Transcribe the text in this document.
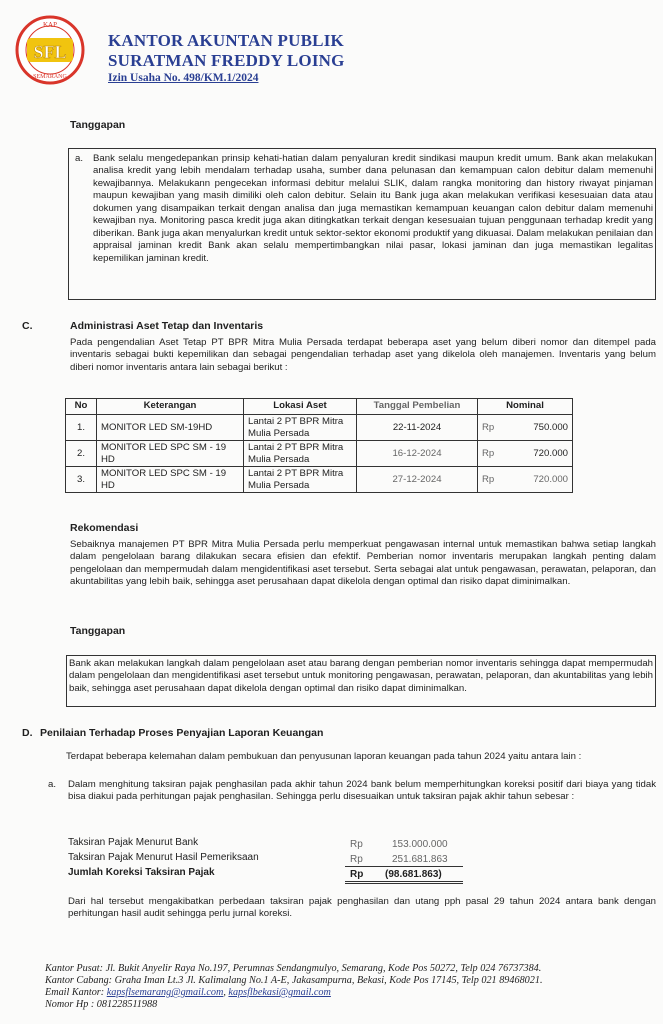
SFL
KAP
SEMARANG
KANTOR AKUNTAN PUBLIK
SURATMAN FREDDY LOING
Izin Usaha No. 498/KM.1/2024
Tanggapan
a. Bank selalu mengedepankan prinsip kehati-hatian dalam penyaluran kredit sindikasi maupun kredit umum. Bank akan melakukan analisa kredit yang lebih mendalam terhadap usaha, sumber dana pelunasan dan kemampuan calon debitur dalam memenuhi kewajibannya. Melakukann pengecekan informasi debitur melalui SLIK, dalam rangka monitoring dan history riwayat pinjaman maupun kewajiban yang masih dimiliki oleh calon debitur. Selain itu Bank juga akan melakukan verifikasi kesesuaian data atau dokumen yang disampaikan terkait dengan analisa dan juga memastikan kemampuan keuangan calon debitur dalam memenuhi kewajiban nya. Monitoring pasca kredit juga akan ditingkatkan terkait dengan kesesuaian tujuan penggunaan terhadap kredit yang diberikan. Bank juga akan menyalurkan kredit untuk sektor-sektor ekonomi produktif yang dikuasai. Dalam melakukan penilaian dan appraisal jaminan kredit Bank akan selalu mempertimbangkan nilai pasar, lokasi jaminan dan juga memastikan legalitas kepemilikan jaminan kredit.
C.	Administrasi Aset Tetap dan Inventaris
Pada pengendalian Aset Tetap PT BPR Mitra Mulia Persada terdapat beberapa aset yang belum diberi nomor dan ditempel pada inventaris sebagai bukti kepemilikan dan sebagai pengendalian terhadap aset yang dikelola oleh manajemen. Inventaris yang belum diberi nomor inventaris antara lain sebagai berikut :
No	Keterangan	Lokasi Aset	Tanggal Pembelian	Nominal	
1.	MONITOR LED SM-19HD	Lantai 2 PT BPR Mitra Mulia Persada	22-11-2024	Rp	750.000
2.	MONITOR LED SPC SM - 19 HD	Lantai 2 PT BPR Mitra Mulia Persada	16-12-2024	Rp	720.000
3.	MONITOR LED SPC SM - 19 HD	Lantai 2 PT BPR Mitra Mulia Persada	27-12-2024	Rp	720.000
Rekomendasi
Sebaiknya manajemen PT BPR Mitra Mulia Persada perlu memperkuat pengawasan internal untuk memastikan bahwa setiap langkah dalam pengelolaan barang dilakukan secara efisien dan efektif. Pemberian nomor inventaris merupakan langkah penting dalam pengelolaan dan mempermudah dalam mengidentifikasi aset tersebut. Serta sebagai alat untuk pengawasan, perawatan, pelaporan, dan akuntabilitas yang lebih baik, sehingga aset perusahaan dapat dikelola dengan optimal dan risiko dapat diminimalkan.
Tanggapan
Bank akan melakukan langkah dalam pengelolaan aset atau barang dengan pemberian nomor inventaris sehingga dapat mempermudah dalam pengelolaan dan mengidentifikasi aset tersebut untuk monitoring pengawasan, perawatan, pelaporan, dan akuntabilitas yang lebih baik, sehingga aset perusahaan dapat dikelola dengan optimal dan risiko dapat diminimalkan.
D. Penilaian Terhadap Proses Penyajian Laporan Keuangan
Terdapat beberapa kelemahan dalam pembukuan dan penyusunan laporan keuangan pada tahun 2024 yaitu antara lain :
a. Dalam menghitung taksiran pajak penghasilan pada akhir tahun 2024 bank belum memperhitungkan koreksi positif dari biaya yang tidak bisa diakui pada perhitungan pajak penghasilan. Sehingga perlu disesuaikan untuk taksiran pajak akhir tahun sebesar :
Taksiran Pajak Menurut Bank	Rp	153.000.000
Taksiran Pajak Menurut Hasil Pemeriksaan	Rp	251.681.863
Jumlah Koreksi Taksiran Pajak	Rp (98.681.863)
Dari hal tersebut mengakibatkan perbedaan taksiran pajak penghasilan dan utang pph pasal 29 tahun 2024 antara bank dengan perhitungan hasil audit sehingga perlu jurnal koreksi.
Kantor Pusat: Jl. Bukit Anyelir Raya No.197, Perumnas Sendangmulyo, Semarang, Kode Pos 50272, Telp 024 76737384.
Kantor Cabang: Graha Iman Lt.3 Jl. Kalimalang No.1 A-E, Jakasampurna, Bekasi, Kode Pos 17145, Telp 021 89468021.
Email Kantor: kapsflsemarang@gmail.com, kapsflbekasi@gmail.com
Nomor Hp : 081228511988
